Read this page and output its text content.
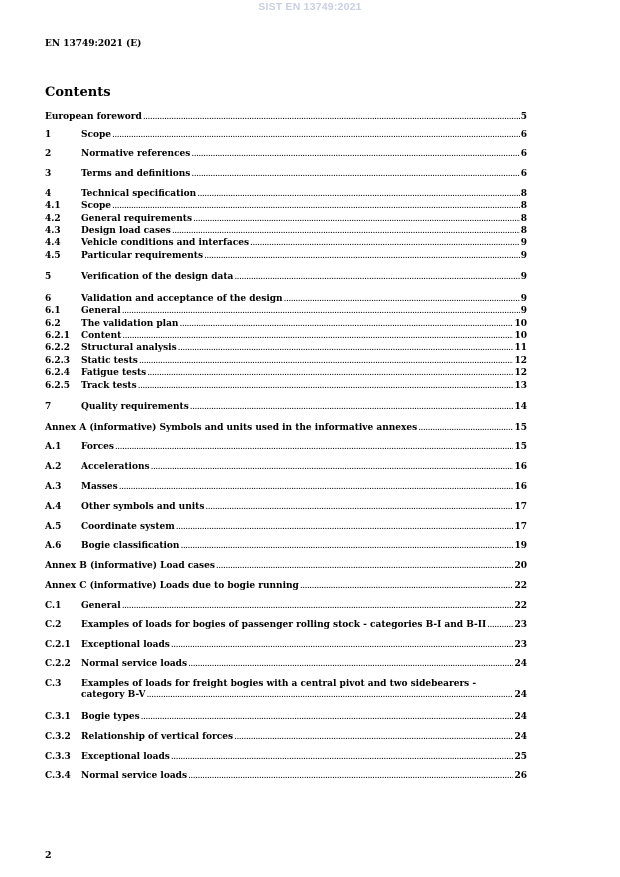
SIST EN 13749:2021
EN 13749:2021 (E)
Contents
European foreword .....	5
1	Scope .....	6
2	Normative references .....	6
3	Terms and definitions .....	6
4	Technical specification .....	8
4.1	Scope .....	8
4.2	General requirements .....	8
4.3	Design load cases .....	8
4.4	Vehicle conditions and interfaces .....	9
4.5	Particular requirements .....	9
5	Verification of the design data .....	9
6	Validation and acceptance of the design .....	9
6.1	General .....	9
6.2	The validation plan .....	10
6.2.1	Content .....	10
6.2.2	Structural analysis .....	11
6.2.3	Static tests .....	12
6.2.4	Fatigue tests .....	12
6.2.5	Track tests .....	13
7	Quality requirements .....	14
Annex A (informative) Symbols and units used in the informative annexes .....	15
A.1	Forces .....	15
A.2	Accelerations .....	16
A.3	Masses .....	16
A.4	Other symbols and units .....	17
A.5	Coordinate system .....	17
A.6	Bogie classification .....	19
Annex B (informative) Load cases .....	20
Annex C (informative) Loads due to bogie running .....	22
C.1	General .....	22
C.2	Examples of loads for bogies of passenger rolling stock - categories B-I and B-II .....	23
C.2.1	Exceptional loads .....	23
C.2.2	Normal service loads .....	24
C.3	Examples of loads for freight bogies with a central pivot and two sidebearers -
category B-V .....	24
C.3.1	Bogie types .....	24
C.3.2	Relationship of vertical forces .....	24
C.3.3	Exceptional loads .....	25
C.3.4	Normal service loads .....	26
2
